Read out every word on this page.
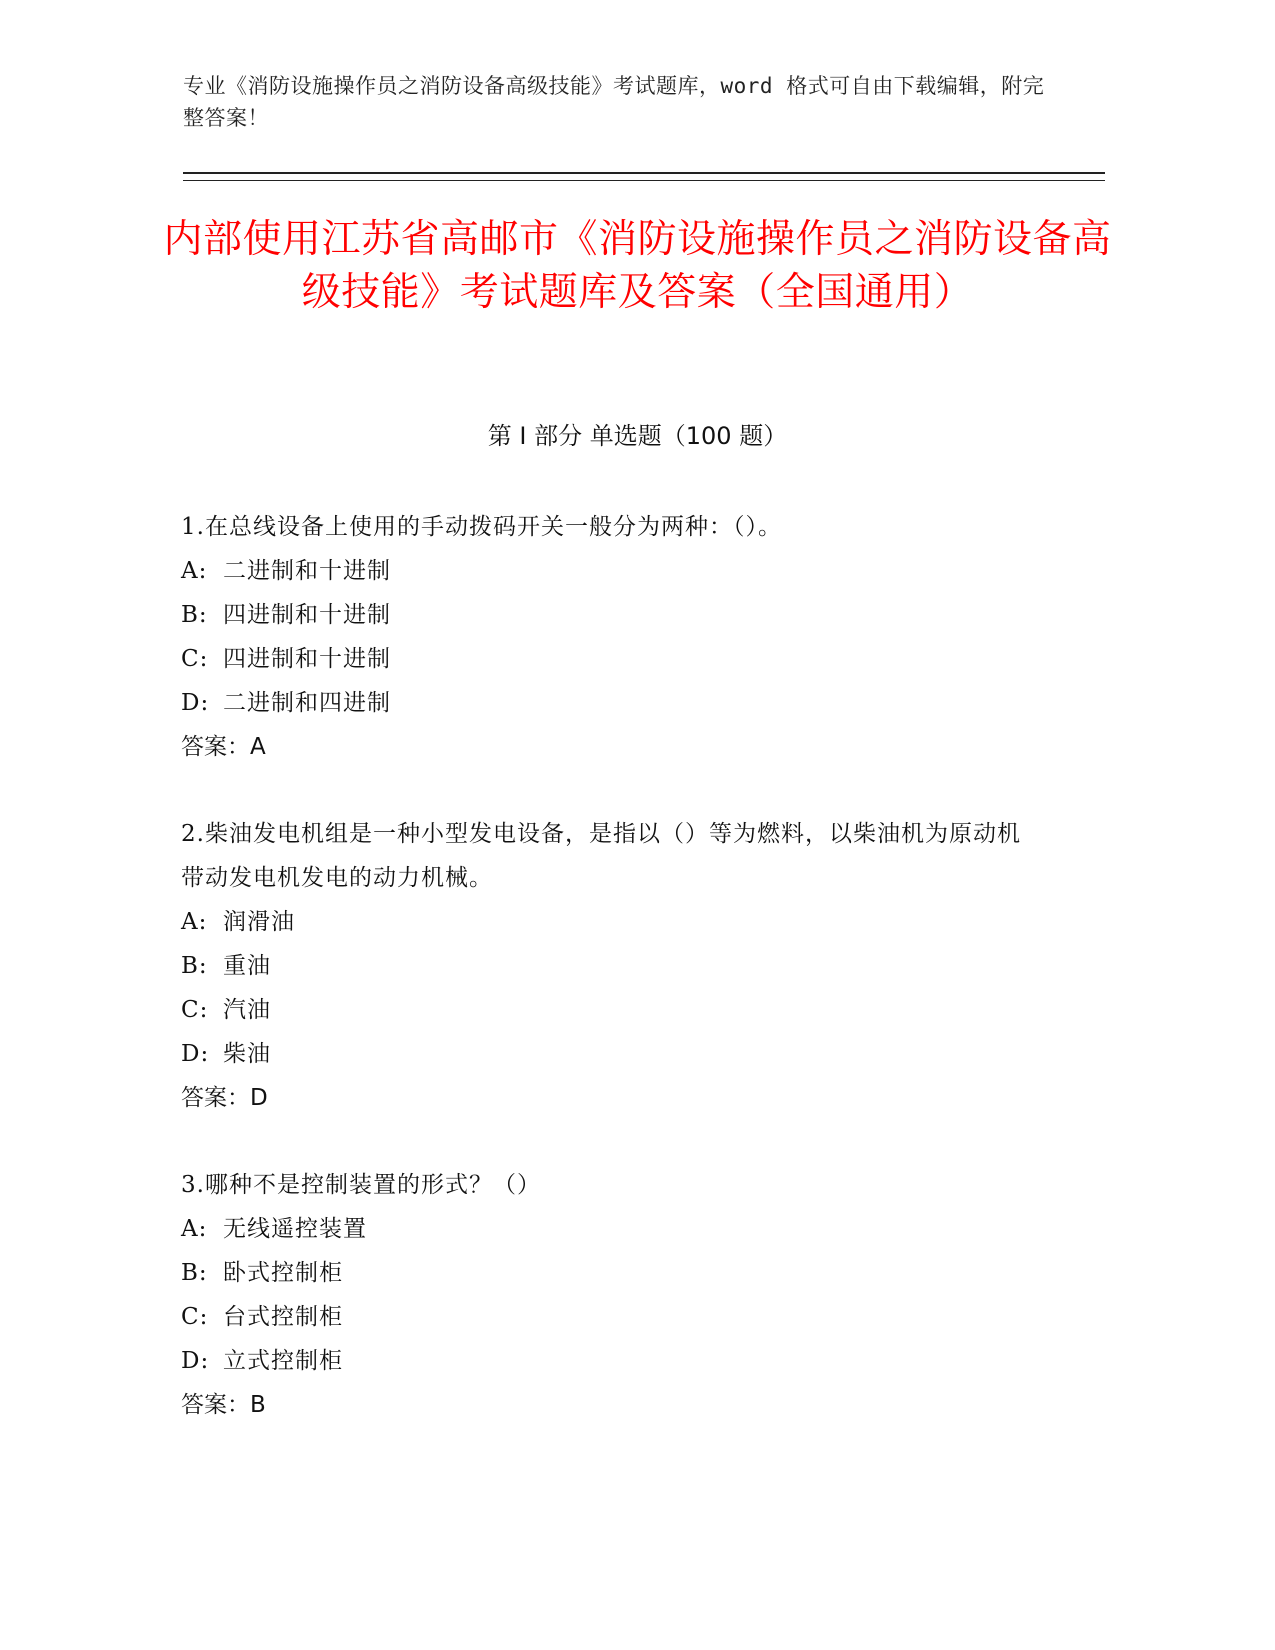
专业《消防设施操作员之消防设备高级技能》考试题库，word 格式可自由下载编辑，附完整答案！
内部使用江苏省高邮市《消防设施操作员之消防设备高级技能》考试题库及答案（全国通用）
第 I 部分 单选题（100 题）
1.在总线设备上使用的手动拨码开关一般分为两种：（）。
A: 二进制和十进制
B: 四进制和十进制
C: 四进制和十进制
D: 二进制和四进制
答案：A
2.柴油发电机组是一种小型发电设备，是指以（）等为燃料，以柴油机为原动机带动发电机发电的动力机械。
A: 润滑油
B: 重油
C: 汽油
D: 柴油
答案：D
3.哪种不是控制装置的形式？（）
A: 无线遥控装置
B: 卧式控制柜
C: 台式控制柜
D: 立式控制柜
答案：B
